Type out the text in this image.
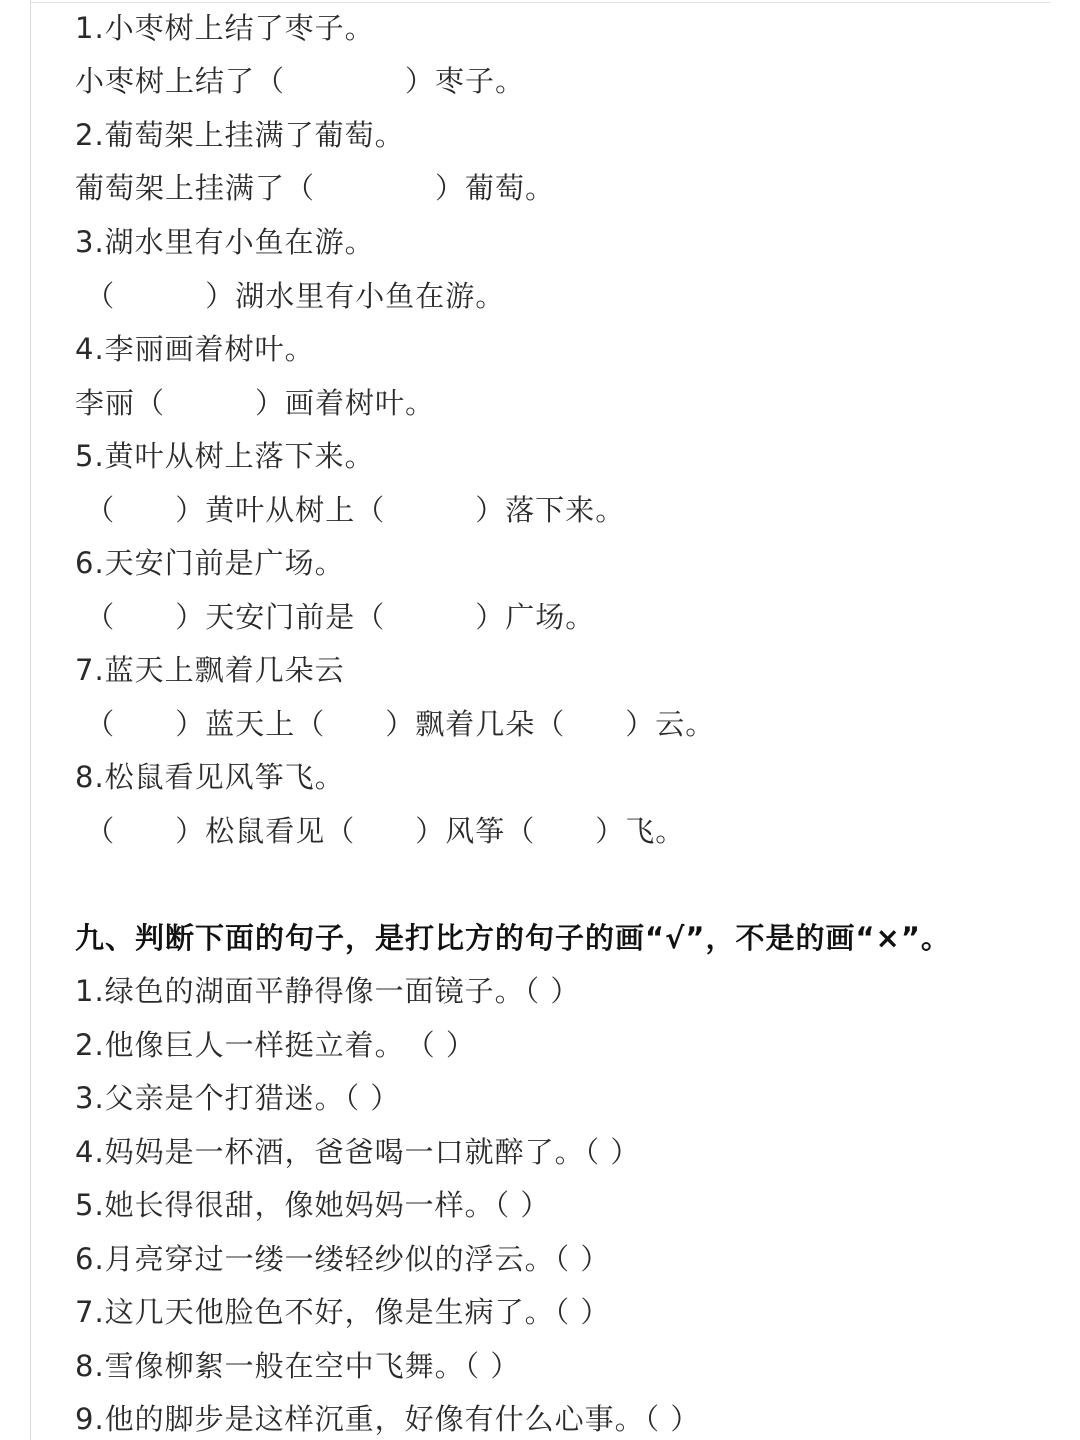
1.小枣树上结了枣子。
小枣树上结了（　　　　）枣子。
2.葡萄架上挂满了葡萄。
葡萄架上挂满了（　　　　）葡萄。
3.湖水里有小鱼在游。
（　　　）湖水里有小鱼在游。
4.李丽画着树叶。
李丽（　　　）画着树叶。
5.黄叶从树上落下来。
（　　）黄叶从树上（　　　）落下来。
6.天安门前是广场。
（　　）天安门前是（　　　）广场。
7.蓝天上飘着几朵云
（　　）蓝天上（　　）飘着几朵（　　）云。
8.松鼠看见风筝飞。
（　　）松鼠看见（　　）风筝（　　）飞。
九、判断下面的句子，是打比方的句子的画“√”，不是的画“×”。
1.绿色的湖面平静得像一面镜子。（ ）
2.他像巨人一样挺立着。　（ ）
3.父亲是个打猎迷。（ ）
4.妈妈是一杯酒，爸爸喝一口就醉了。（ ）
5.她长得很甜，像她妈妈一样。（ ）
6.月亮穿过一缕一缕轻纱似的浮云。（ ）
7.这几天他脸色不好，像是生病了。（ ）
8.雪像柳絮一般在空中飞舞。（ ）
9.他的脚步是这样沉重，好像有什么心事。（ ）
